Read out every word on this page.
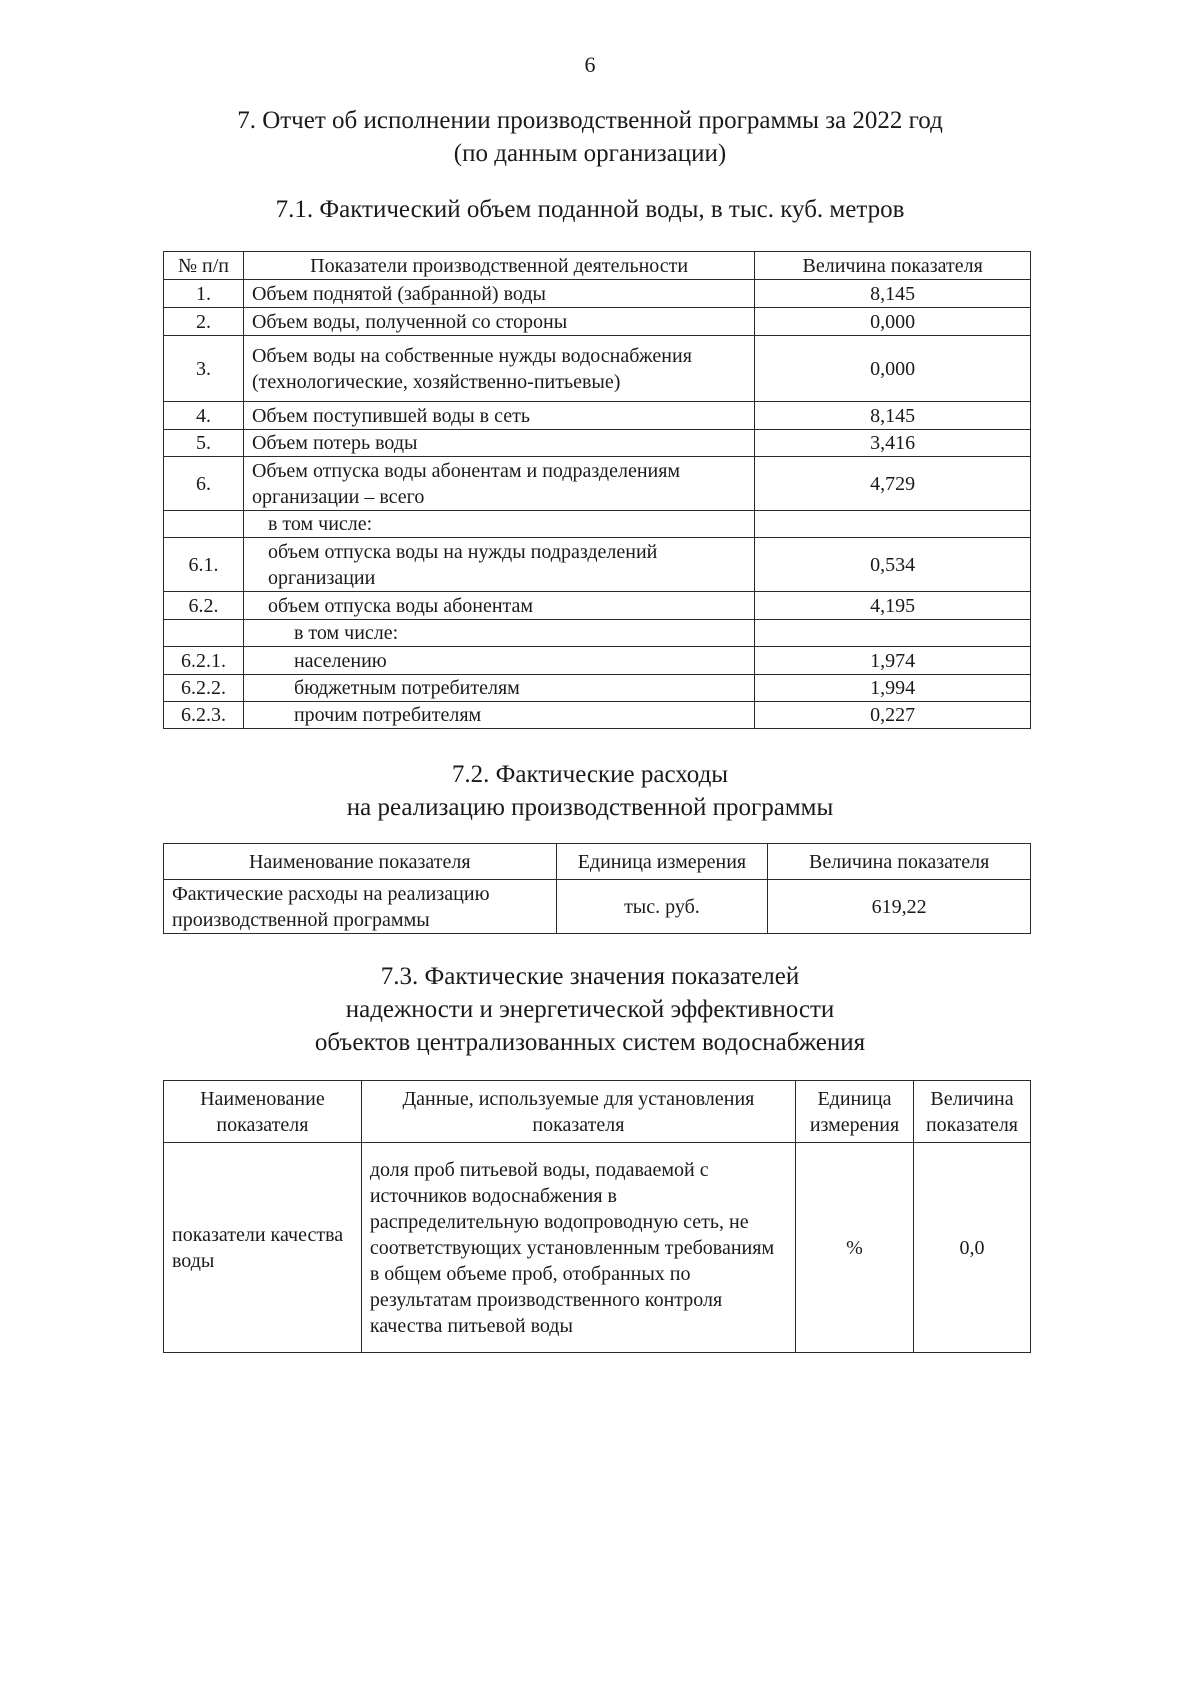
6
7. Отчет об исполнении производственной программы за 2022 год
(по данным организации)
7.1. Фактический объем поданной воды, в тыс. куб. метров
№ п/п	Показатели производственной деятельности	Величина показателя
1.	Объем поднятой (забранной) воды	8,145
2.	Объем воды, полученной со стороны	0,000
3.	Объем воды на собственные нужды водоснабжения (технологические, хозяйственно-питьевые)	0,000
4.	Объем поступившей воды в сеть	8,145
5.	Объем потерь воды	3,416
6.	Объем отпуска воды абонентам и подразделениям организации – всего	4,729
	в том числе:	
6.1.	объем отпуска воды на нужды подразделений организации	0,534
6.2.	объем отпуска воды абонентам	4,195
	в том числе:	
6.2.1.	населению	1,974
6.2.2.	бюджетным потребителям	1,994
6.2.3.	прочим потребителям	0,227
7.2. Фактические расходы
на реализацию производственной программы
Наименование показателя	Единица измерения	Величина показателя
Фактические расходы на реализацию производственной программы	тыс. руб.	619,22
7.3. Фактические значения показателей
надежности и энергетической эффективности
объектов централизованных систем водоснабжения
Наименование показателя	Данные, используемые для установления показателя	Единица измерения	Величина показателя
показатели качества воды	доля проб питьевой воды, подаваемой с источников водоснабжения в распределительную водопроводную сеть, не соответствующих установленным требованиям в общем объеме проб, отобранных по результатам производственного контроля качества питьевой воды	%	0,0
